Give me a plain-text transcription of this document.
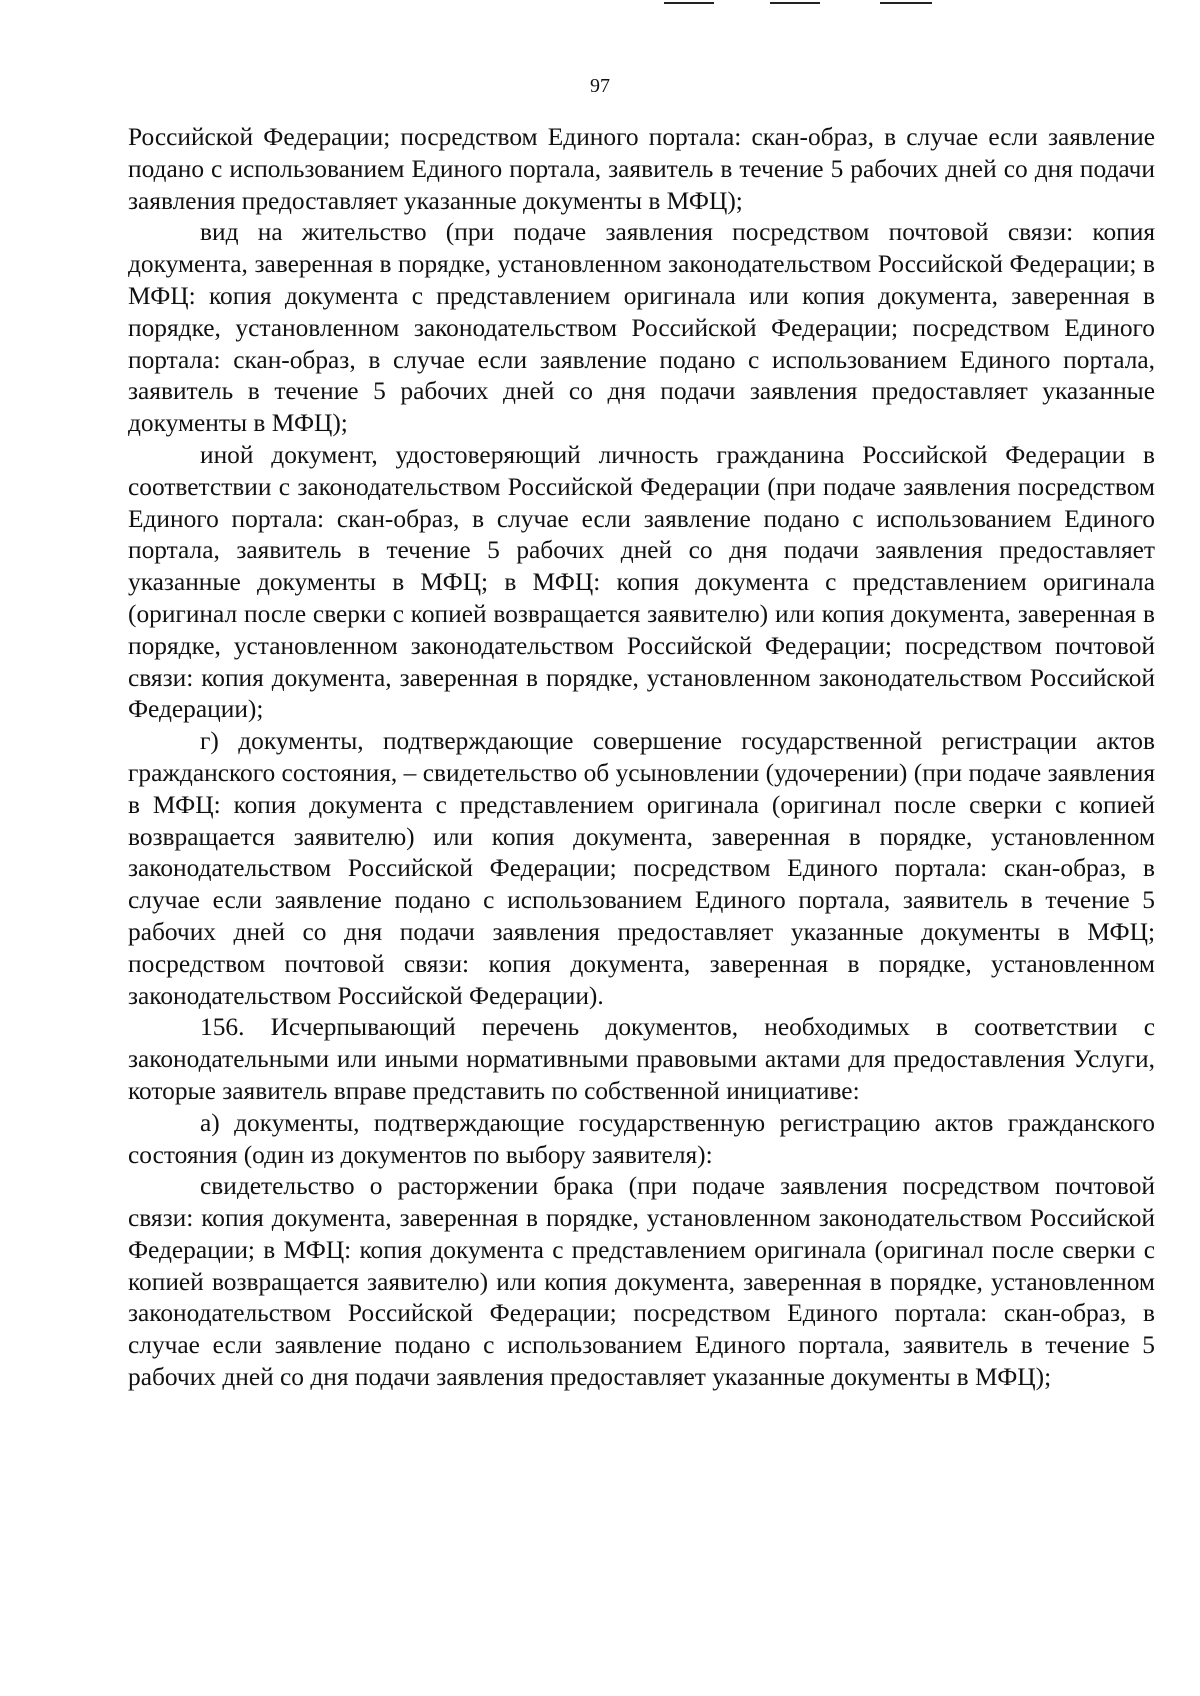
97

Российской Федерации; посредством Единого портала: скан-образ, в случае если заявление подано с использованием Единого портала, заявитель в течение 5 рабочих дней со дня подачи заявления предоставляет указанные документы в МФЦ);

вид на жительство (при подаче заявления посредством почтовой связи: копия документа, заверенная в порядке, установленном законодательством Российской Федерации; в МФЦ: копия документа с представлением оригинала или копия документа, заверенная в порядке, установленном законодательством Российской Федерации; посредством Единого портала: скан-образ, в случае если заявление подано с использованием Единого портала, заявитель в течение 5 рабочих дней со дня подачи заявления предоставляет указанные документы в МФЦ);

иной документ, удостоверяющий личность гражданина Российской Федерации в соответствии с законодательством Российской Федерации (при подаче заявления посредством Единого портала: скан-образ, в случае если заявление подано с использованием Единого портала, заявитель в течение 5 рабочих дней со дня подачи заявления предоставляет указанные документы в МФЦ; в МФЦ: копия документа с представлением оригинала (оригинал после сверки с копией возвращается заявителю) или копия документа, заверенная в порядке, установленном законодательством Российской Федерации; посредством почтовой связи: копия документа, заверенная в порядке, установленном законодательством Российской Федерации);

г) документы, подтверждающие совершение государственной регистрации актов гражданского состояния, – свидетельство об усыновлении (удочерении) (при подаче заявления в МФЦ: копия документа с представлением оригинала (оригинал после сверки с копией возвращается заявителю) или копия документа, заверенная в порядке, установленном законодательством Российской Федерации; посредством Единого портала: скан-образ, в случае если заявление подано с использованием Единого портала, заявитель в течение 5 рабочих дней со дня подачи заявления предоставляет указанные документы в МФЦ; посредством почтовой связи: копия документа, заверенная в порядке, установленном законодательством Российской Федерации).

156. Исчерпывающий перечень документов, необходимых в соответствии с законодательными или иными нормативными правовыми актами для предоставления Услуги, которые заявитель вправе представить по собственной инициативе:

а) документы, подтверждающие государственную регистрацию актов гражданского состояния (один из документов по выбору заявителя):

свидетельство о расторжении брака (при подаче заявления посредством почтовой связи: копия документа, заверенная в порядке, установленном законодательством Российской Федерации; в МФЦ: копия документа с представлением оригинала (оригинал после сверки с копией возвращается заявителю) или копия документа, заверенная в порядке, установленном законодательством Российской Федерации; посредством Единого портала: скан-образ, в случае если заявление подано с использованием Единого портала, заявитель в течение 5 рабочих дней со дня подачи заявления предоставляет указанные документы в МФЦ);
